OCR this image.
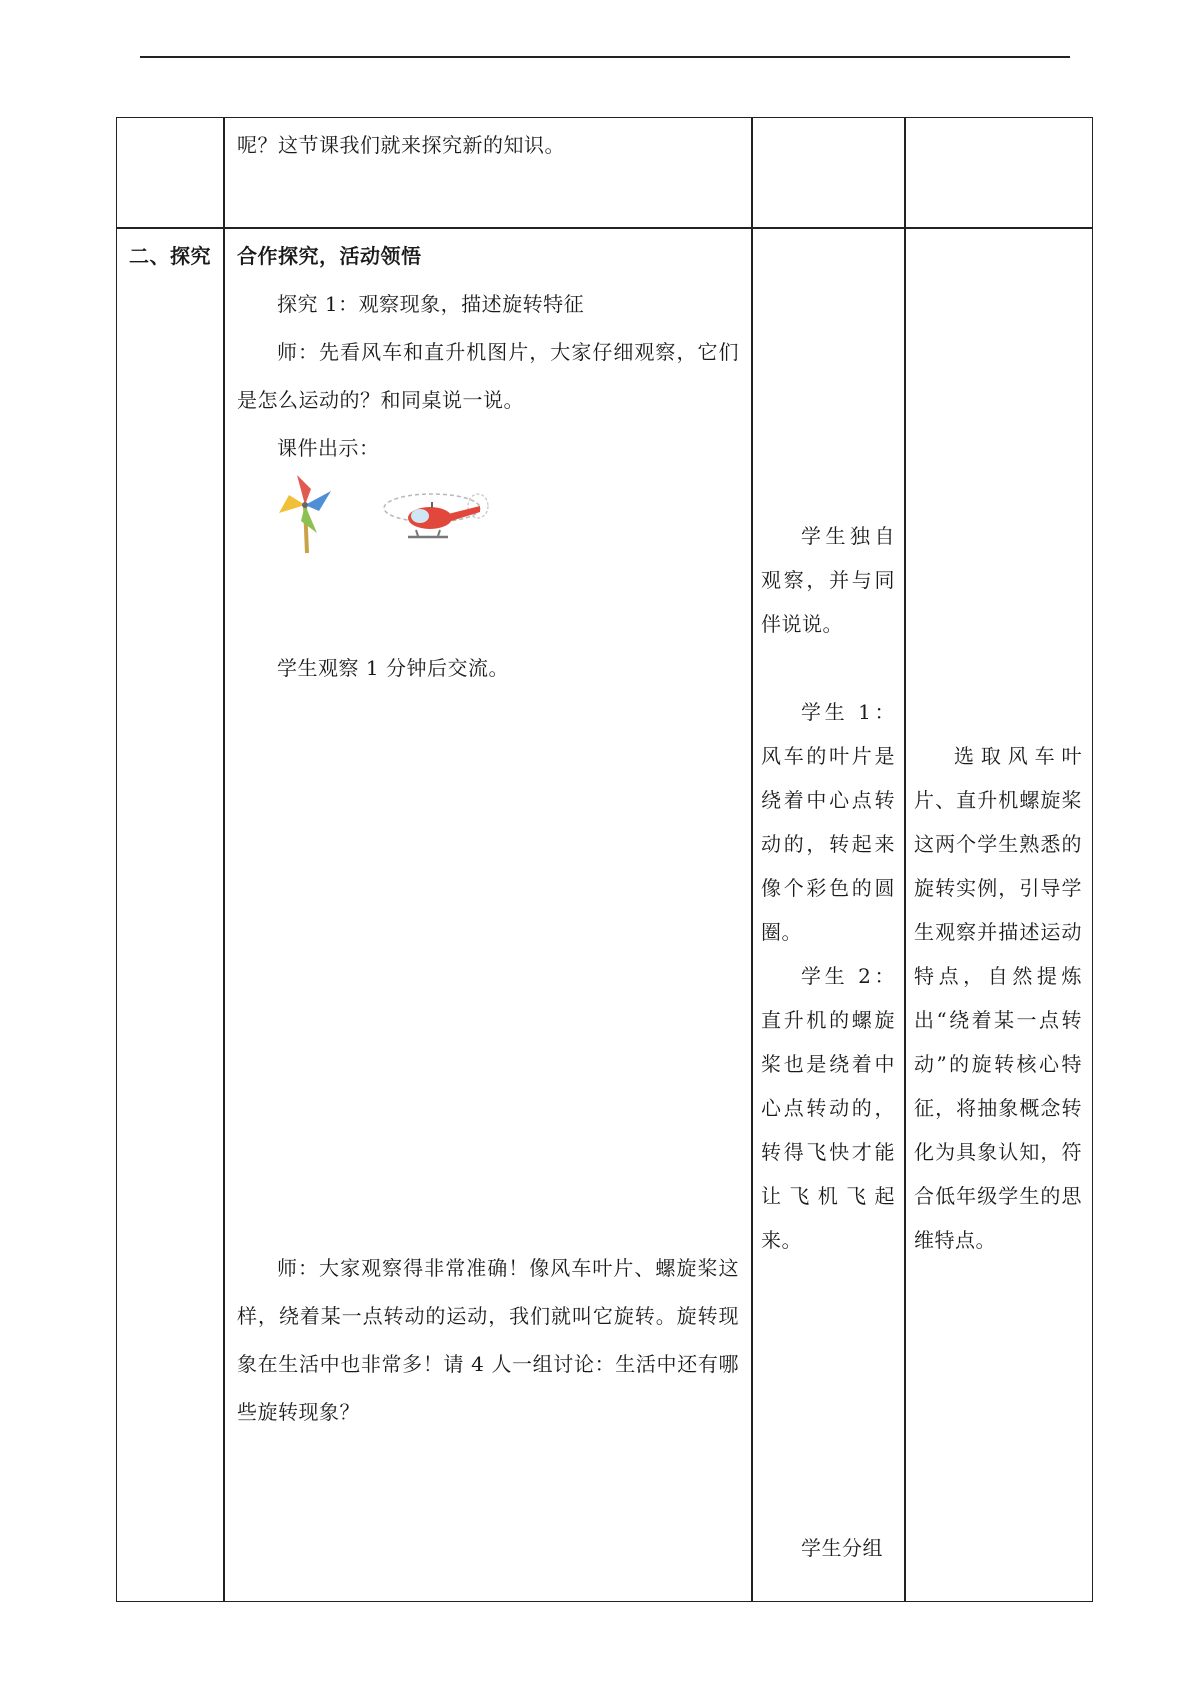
呢？这节课我们就来探究新的知识。
二、探究	合作探究，活动领悟
探究 1：观察现象，描述旋转特征
师：先看风车和直升机图片，大家仔细观察，它们是怎么运动的？和同桌说一说。
课件出示：
学生观察 1 分钟后交流。
师：大家观察得非常准确！像风车叶片、螺旋桨这样，绕着某一点转动的运动，我们就叫它旋转。旋转现象在生活中也非常多！请 4 人一组讨论：生活中还有哪些旋转现象？
学生独自观察，并与同伴说说。
学生 1：风车的叶片是绕着中心点转动的，转起来像个彩色的圆圈。
学生 2：直升机的螺旋桨也是绕着中心点转动的，转得飞快才能让飞机飞起来。
学生分组
选取风车叶片、直升机螺旋桨这两个学生熟悉的旋转实例，引导学生观察并描述运动特点，自然提炼出“绕着某一点转动”的旋转核心特征，将抽象概念转化为具象认知，符合低年级学生的思维特点。
